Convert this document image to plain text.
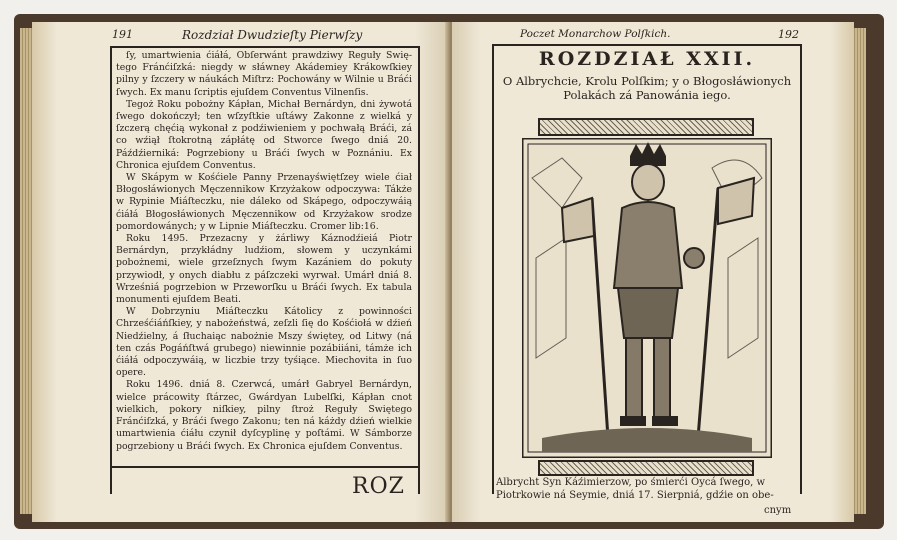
191	Rozdział Dwudzieſty Pierwſzy

ſy, umartwienia ćiáłá, Obſerwánt prawdziwy Reguły Swię- tego Fránćiſzká: niegdy w słáwney Akádemiey Krákowſkiey pilny y ſzczery w náukách Miſtrz: Pochowány w Wilnie u Bráći ſwych. Ex manu ſcriptis ejuſdem Conventus Vilnenſis.

Tegoż Roku pobożny Kápłan, Michał Bernárdyn, dni żywotá ſwego dokończył; ten wſzyſtkie uſtáwy Zakonne z wielká y ſzczerą chęćią wykonał z podźiwieniem y pochwałą Bráći, zá co wźiął ſtokrotną zápłátę od Stworce ſwego dniá 20. Páźdźierniká: Pogrzebiony u Bráći ſwych w Poznániu. Ex Chronica ejuſdem Conventus.

W Skápym w Kośćiele Panny Przenayświętſzey wiele ćiał Błogosłáwionych Męczennikow Krzyżakow odpoczywa: Tákże w Rypinie Miáſteczku, nie dáleko od Skápego, odpoczywáią ćiáłá Błogosłáwionych Męczennikow od Krzyżakow srodze pomordowánych; y w Lipnie Miáſteczku. Cromer lib:16.

Roku 1495. Przezacny y żárliwy Káznodźieiá Piotr Bernárdyn, przykłádny ludźiom, słowem y uczynkámi pobożnemi, wiele grzeſznych ſwym Kazániem do pokuty przywiodł, y onych diabłu z páſzczeki wyrwał. Umárł dniá 8. Wrześniá pogrzebion w Przeworſku u Bráći ſwych. Ex tabula monumenti ejuſdem Beati.

W Dobrzyniu Miáſteczku Kátolicy z powinności Chrześćiáńſkiey, y nabożeństwá, zeſzli ſię do Kośćiołá w dźień Niedźielny, á ſłuchaiąc nabożnie Mszy świętey, od Litwy (ná ten czás Pogáńſtwá grubego) niewinnie pozábiiáni, támże ich ćiáłá odpoczywáią, w liczbie trzy tyśiące. Miechovita in ſuo opere.

Roku 1496. dniá 8. Czerwcá, umárł Gabryel Bernárdyn, wielce prácowity ſtárzec, Gwárdyan Lubelſki, Kápłan cnot wielkich, pokory niſkiey, pilny ſtroż Reguły Swiętego Fránćiſzká, y Bráći ſwego Zakonu; ten ná káżdy dźień wielkie umartwienia ćiáłu czynił dyſcyplinę y poſtámi. W Sámborze pogrzebiony u Bráći ſwych. Ex Chronica ejuſdem Conventus.

ROZ
Poczet Monarchow Polſkich.	192
ROZDZIAŁ XXII.
O Albrychcie, Krolu Polſkim; y o Błogosłáwionych Polakách zá Panowánia iego.
Albrycht Syn Káźimierzow, po śmierći Oycá ſwego, w Piotrkowie ná Seymie, dniá 17. Sierpniá, gdźie on obe-
cnym
